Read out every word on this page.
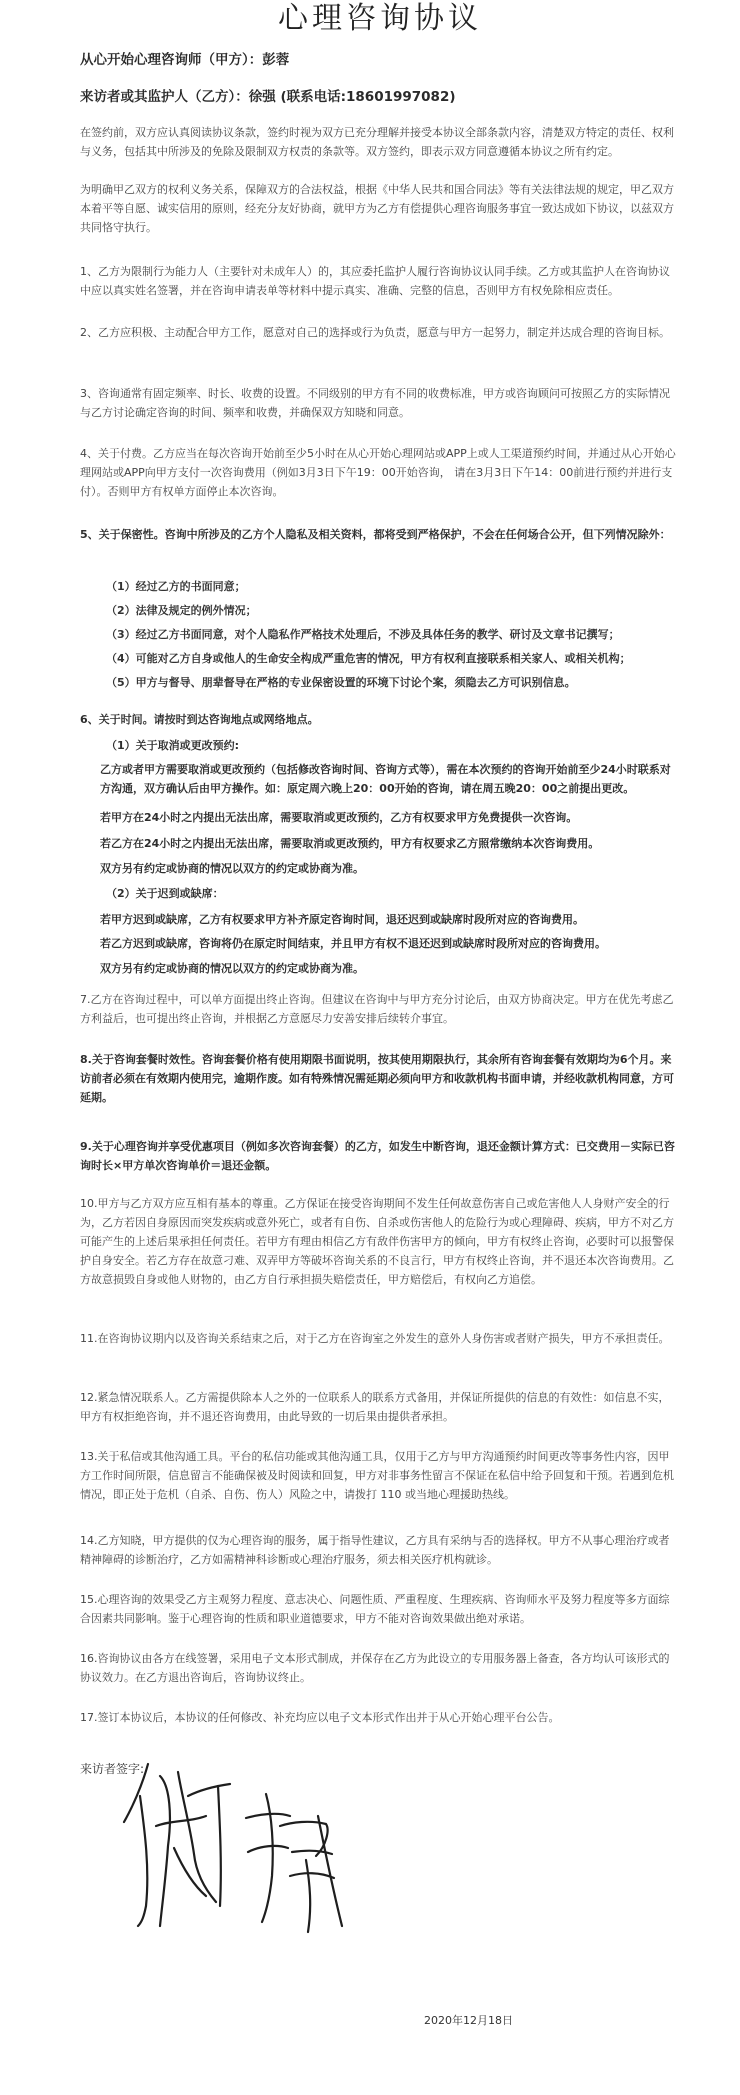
心理咨询协议

从心开始心理咨询师（甲方）：彭蓉

来访者或其监护人（乙方）：徐强 (联系电话:18601997082)

在签约前，双方应认真阅读协议条款，签约时视为双方已充分理解并接受本协议全部条款内容，清楚双方特定的责任、权利与义务，包括其中所涉及的免除及限制双方权责的条款等。双方签约，即表示双方同意遵循本协议之所有约定。

为明确甲乙双方的权利义务关系，保障双方的合法权益，根据《中华人民共和国合同法》等有关法律法规的规定，甲乙双方本着平等自愿、诚实信用的原则，经充分友好协商，就甲方为乙方有偿提供心理咨询服务事宜一致达成如下协议，以兹双方共同恪守执行。

1、乙方为限制行为能力人（主要针对未成年人）的，其应委托监护人履行咨询协议认同手续。乙方或其监护人在咨询协议中应以真实姓名签署，并在咨询申请表单等材料中提示真实、准确、完整的信息，否则甲方有权免除相应责任。

2、乙方应积极、主动配合甲方工作，愿意对自己的选择或行为负责，愿意与甲方一起努力，制定并达成合理的咨询目标。

3、咨询通常有固定频率、时长、收费的设置。不同级别的甲方有不同的收费标准，甲方或咨询顾问可按照乙方的实际情况与乙方讨论确定咨询的时间、频率和收费，并确保双方知晓和同意。

4、关于付费。乙方应当在每次咨询开始前至少5小时在从心开始心理网站或APP上或人工渠道预约时间，并通过从心开始心理网站或APP向甲方支付一次咨询费用（例如3月3日下午19：00开始咨询， 请在3月3日下午14：00前进行预约并进行支付）。否则甲方有权单方面停止本次咨询。

5、关于保密性。咨询中所涉及的乙方个人隐私及相关资料，都将受到严格保护，不会在任何场合公开，但下列情况除外：

（1）经过乙方的书面同意；

（2）法律及规定的例外情况；

（3）经过乙方书面同意，对个人隐私作严格技术处理后，不涉及具体任务的教学、研讨及文章书记撰写；

（4）可能对乙方自身或他人的生命安全构成严重危害的情况，甲方有权利直接联系相关家人、或相关机构；

（5）甲方与督导、朋辈督导在严格的专业保密设置的环境下讨论个案，须隐去乙方可识别信息。

6、关于时间。请按时到达咨询地点或网络地点。

（1）关于取消或更改预约:

乙方或者甲方需要取消或更改预约（包括修改咨询时间、咨询方式等），需在本次预约的咨询开始前至少24小时联系对方沟通，双方确认后由甲方操作。如：原定周六晚上20：00开始的咨询，请在周五晚20：00之前提出更改。

若甲方在24小时之内提出无法出席，需要取消或更改预约，乙方有权要求甲方免费提供一次咨询。

若乙方在24小时之内提出无法出席，需要取消或更改预约，甲方有权要求乙方照常缴纳本次咨询费用。

双方另有约定或协商的情况以双方的约定或协商为准。

（2）关于迟到或缺席：

若甲方迟到或缺席，乙方有权要求甲方补齐原定咨询时间，退还迟到或缺席时段所对应的咨询费用。

若乙方迟到或缺席，咨询将仍在原定时间结束，并且甲方有权不退还迟到或缺席时段所对应的咨询费用。

双方另有约定或协商的情况以双方的约定或协商为准。

7.乙方在咨询过程中，可以单方面提出终止咨询。但建议在咨询中与甲方充分讨论后，由双方协商决定。甲方在优先考虑乙方利益后，也可提出终止咨询，并根据乙方意愿尽力安善安排后续转介事宜。

8.关于咨询套餐时效性。咨询套餐价格有使用期限书面说明，按其使用期限执行，其余所有咨询套餐有效期均为6个月。来访前者必须在有效期内使用完，逾期作废。如有特殊情况需延期必须向甲方和收款机构书面申请，并经收款机构同意，方可延期。

9.关于心理咨询并享受优惠项目（例如多次咨询套餐）的乙方，如发生中断咨询，退还金额计算方式：已交费用－实际已咨询时长×甲方单次咨询单价＝退还金额。

10.甲方与乙方双方应互相有基本的尊重。乙方保证在接受咨询期间不发生任何故意伤害自己或危害他人人身财产安全的行为，乙方若因自身原因而突发疾病或意外死亡，或者有自伤、自杀或伤害他人的危险行为或心理障碍、疾病，甲方不对乙方可能产生的上述后果承担任何责任。若甲方有理由相信乙方有敌伴伤害甲方的倾向，甲方有权终止咨询，必要时可以报警保护自身安全。若乙方存在故意刁难、双弄甲方等破坏咨询关系的不良言行，甲方有权终止咨询，并不退还本次咨询费用。乙方故意损毁自身或他人财物的，由乙方自行承担损失赔偿责任，甲方赔偿后，有权向乙方追偿。

11.在咨询协议期内以及咨询关系结束之后，对于乙方在咨询室之外发生的意外人身伤害或者财产损失，甲方不承担责任。

12.紧急情况联系人。乙方需提供除本人之外的一位联系人的联系方式备用，并保证所提供的信息的有效性：如信息不实，甲方有权拒绝咨询，并不退还咨询费用，由此导致的一切后果由提供者承担。

13.关于私信或其他沟通工具。平台的私信功能或其他沟通工具，仅用于乙方与甲方沟通预约时间更改等事务性内容，因甲方工作时间所限，信息留言不能确保被及时阅读和回复，甲方对非事务性留言不保证在私信中给予回复和干预。若遇到危机情况，即正处于危机（自杀、自伤、伤人）风险之中，请拨打 110 或当地心理援助热线。

14.乙方知晓，甲方提供的仅为心理咨询的服务，属于指导性建议，乙方具有采纳与否的选择权。甲方不从事心理治疗或者精神障碍的诊断治疗，乙方如需精神科诊断或心理治疗服务，须去相关医疗机构就诊。

15.心理咨询的效果受乙方主观努力程度、意志决心、问题性质、严重程度、生理疾病、咨询师水平及努力程度等多方面综合因素共同影响。鉴于心理咨询的性质和职业道德要求，甲方不能对咨询效果做出绝对承诺。

16.咨询协议由各方在线签署，采用电子文本形式制成，并保存在乙方为此设立的专用服务器上备查，各方均认可该形式的协议效力。在乙方退出咨询后，咨询协议终止。

17.签订本协议后，本协议的任何修改、补充均应以电子文本形式作出并于从心开始心理平台公告。

来访者签字:

2020年12月18日
